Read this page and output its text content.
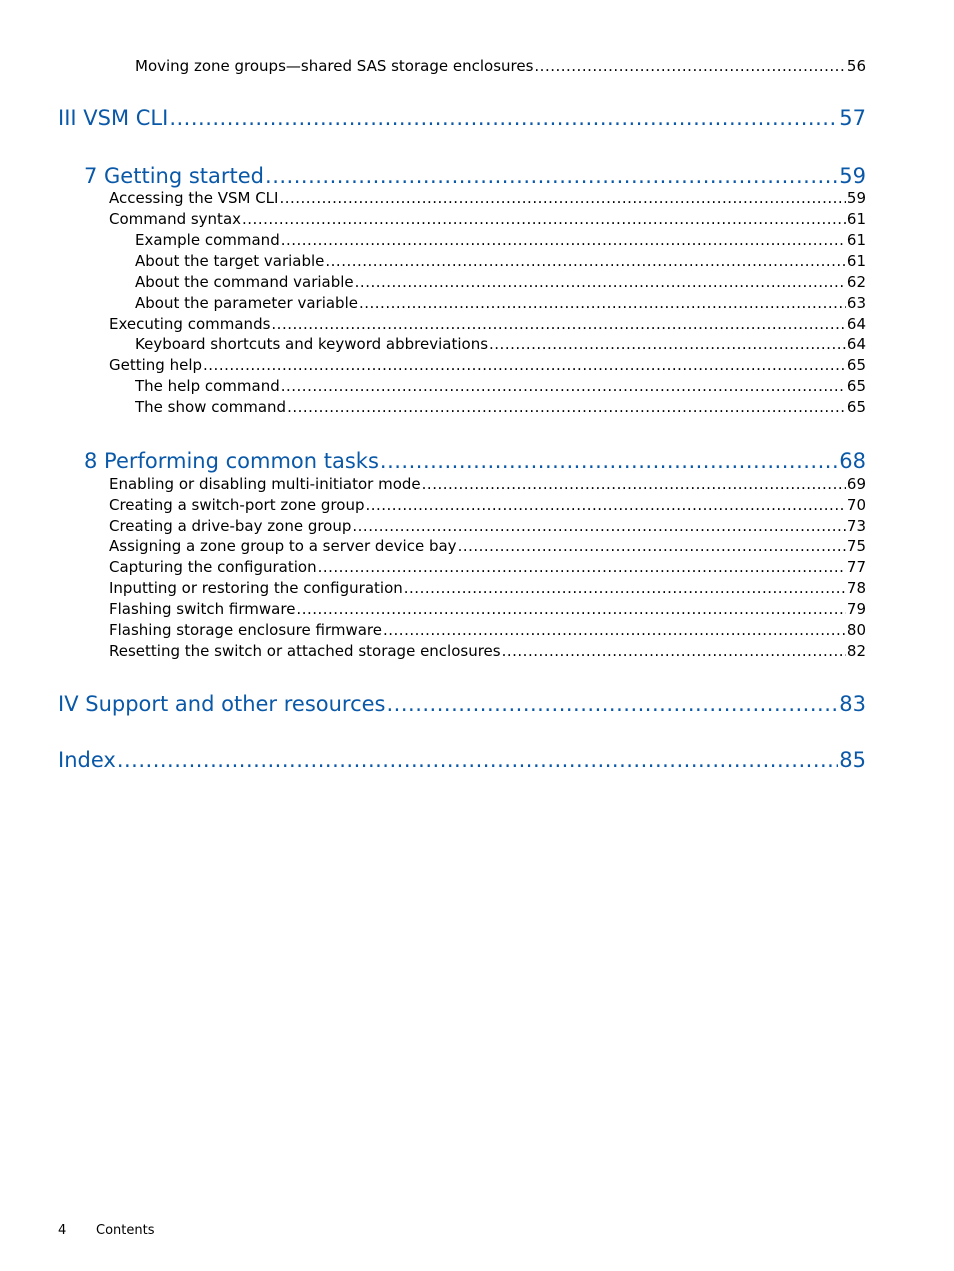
Moving zone groups—shared SAS storage enclosures .....	56
III VSM CLI .....	57
7 Getting started .....	59
Accessing the VSM CLI .....	59
Command syntax .....	61
Example command .....	61
About the target variable .....	61
About the command variable .....	62
About the parameter variable .....	63
Executing commands .....	64
Keyboard shortcuts and keyword abbreviations .....	64
Getting help .....	65
The help command .....	65
The show command .....	65
8 Performing common tasks .....	68
Enabling or disabling multi-initiator mode .....	69
Creating a switch-port zone group .....	70
Creating a drive-bay zone group .....	73
Assigning a zone group to a server device bay .....	75
Capturing the configuration .....	77
Inputting or restoring the configuration .....	78
Flashing switch firmware .....	79
Flashing storage enclosure firmware .....	80
Resetting the switch or attached storage enclosures .....	82
IV Support and other resources .....	83
Index .....	85
4	Contents
